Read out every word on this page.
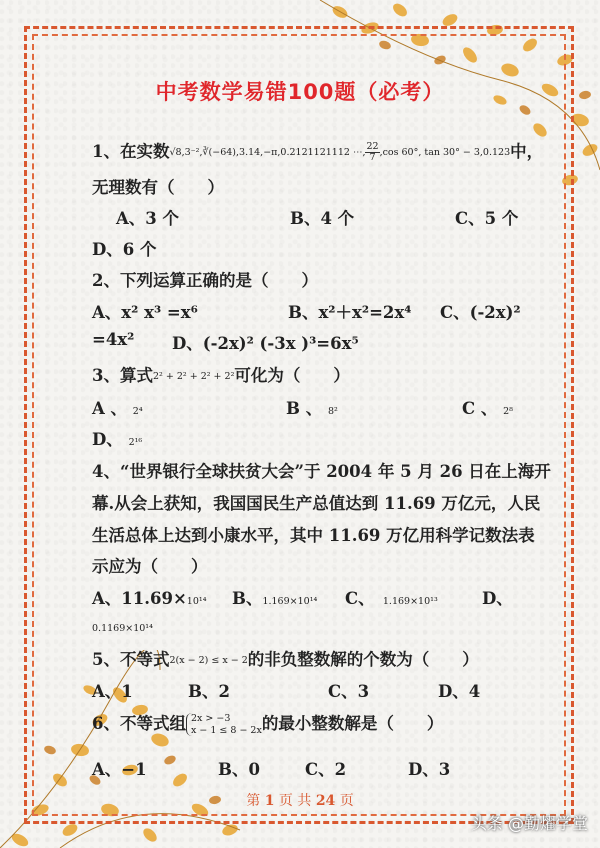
中考数学易错100题（必考）
1、在实数√8,3⁻²,∛(−64),3.14,−π,0.2121121112 ⋯, $\frac{22}{7} ,\cos$ 60°, tan 30° − 3,0.123中，
无理数有（　　）
A、3 个	B、4 个	C、5 个
D、6 个
2、下列运算正确的是（　　）
A、x² x³ =x⁶	B、x²＋x²=2x⁴ C、(-2x)²
=4x² D、(-2x)² (-3x )³=6x⁵
3、算式2² + 2² + 2² + 2²可化为（　　）
A 、 2⁴	B 、 8²	C 、 2⁸
D、 2¹⁶
4、“世界银行全球扶贫大会”于 2004 年 5 月 26 日在上海开
幕.从会上获知，我国国民生产总值达到 11.69 万亿元，人民
生活总体上达到小康水平，其中 11.69 万亿用科学记数法表
示应为（　　）
A、11.69×10¹⁴ B、1.169×10¹⁴ C、　 1.169×10¹³	D、
0.1169×10¹⁴
5、不等式2(x − 2) ≤ x − 2的非负整数解的个数为（　　）
A、1	B、2	C、3	D、4
6、不等式组 2x > −3
x − 1 ≤ 8 − 2x 的最小整数解是（　　）
A、−1	B、0	C、2	D、3
第 1 页 共 24 页
头条 @勤燿学堂
